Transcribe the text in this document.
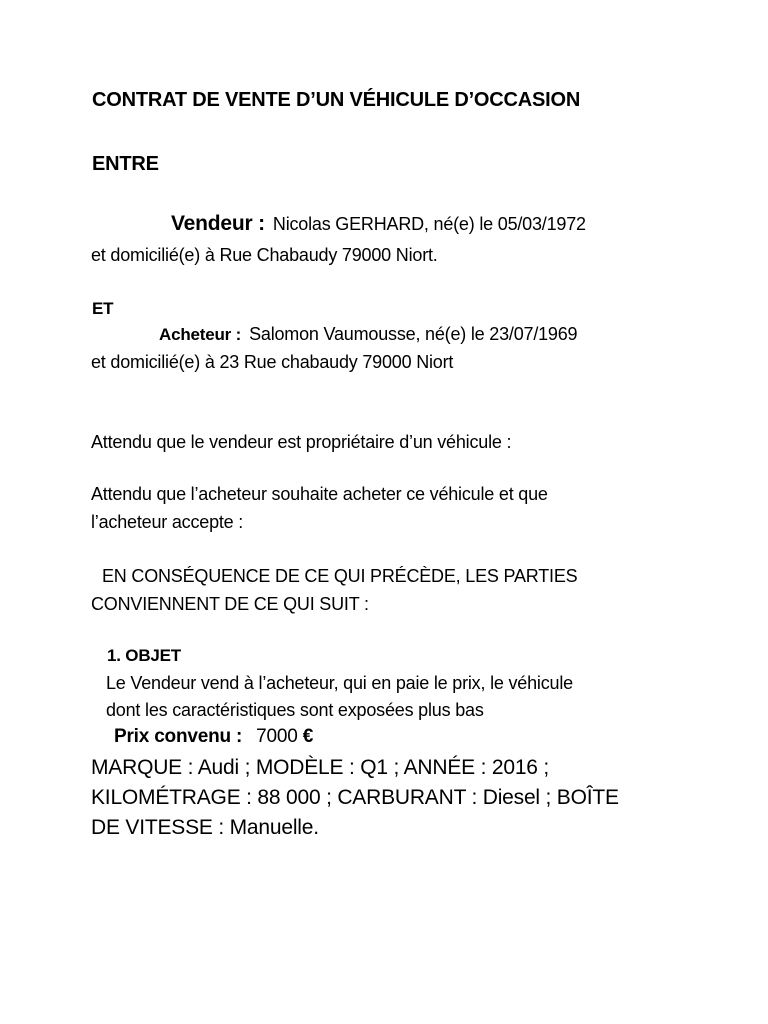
CONTRAT DE VENTE D’UN VÉHICULE D’OCCASION
ENTRE
Vendeur : Nicolas GERHARD, né(e) le 05/03/1972
et domicilié(e) à Rue Chabaudy 79000 Niort.
ET
Acheteur : Salomon Vaumousse, né(e) le 23/07/1969
et domicilié(e) à 23 Rue chabaudy 79000 Niort
Attendu que le vendeur est propriétaire d’un véhicule :
Attendu que l’acheteur souhaite acheter ce véhicule et que
l’acheteur accepte :
EN CONSÉQUENCE DE CE QUI PRÉCÈDE, LES PARTIES
CONVIENNENT DE CE QUI SUIT :
1. OBJET
Le Vendeur vend à l’acheteur, qui en paie le prix, le véhicule
dont les caractéristiques sont exposées plus bas
Prix convenu : 7000 €
MARQUE : Audi ; MODÈLE : Q1 ; ANNÉE : 2016 ;
KILOMÉTRAGE : 88 000 ; CARBURANT : Diesel ; BOÎTE
DE VITESSE : Manuelle.
